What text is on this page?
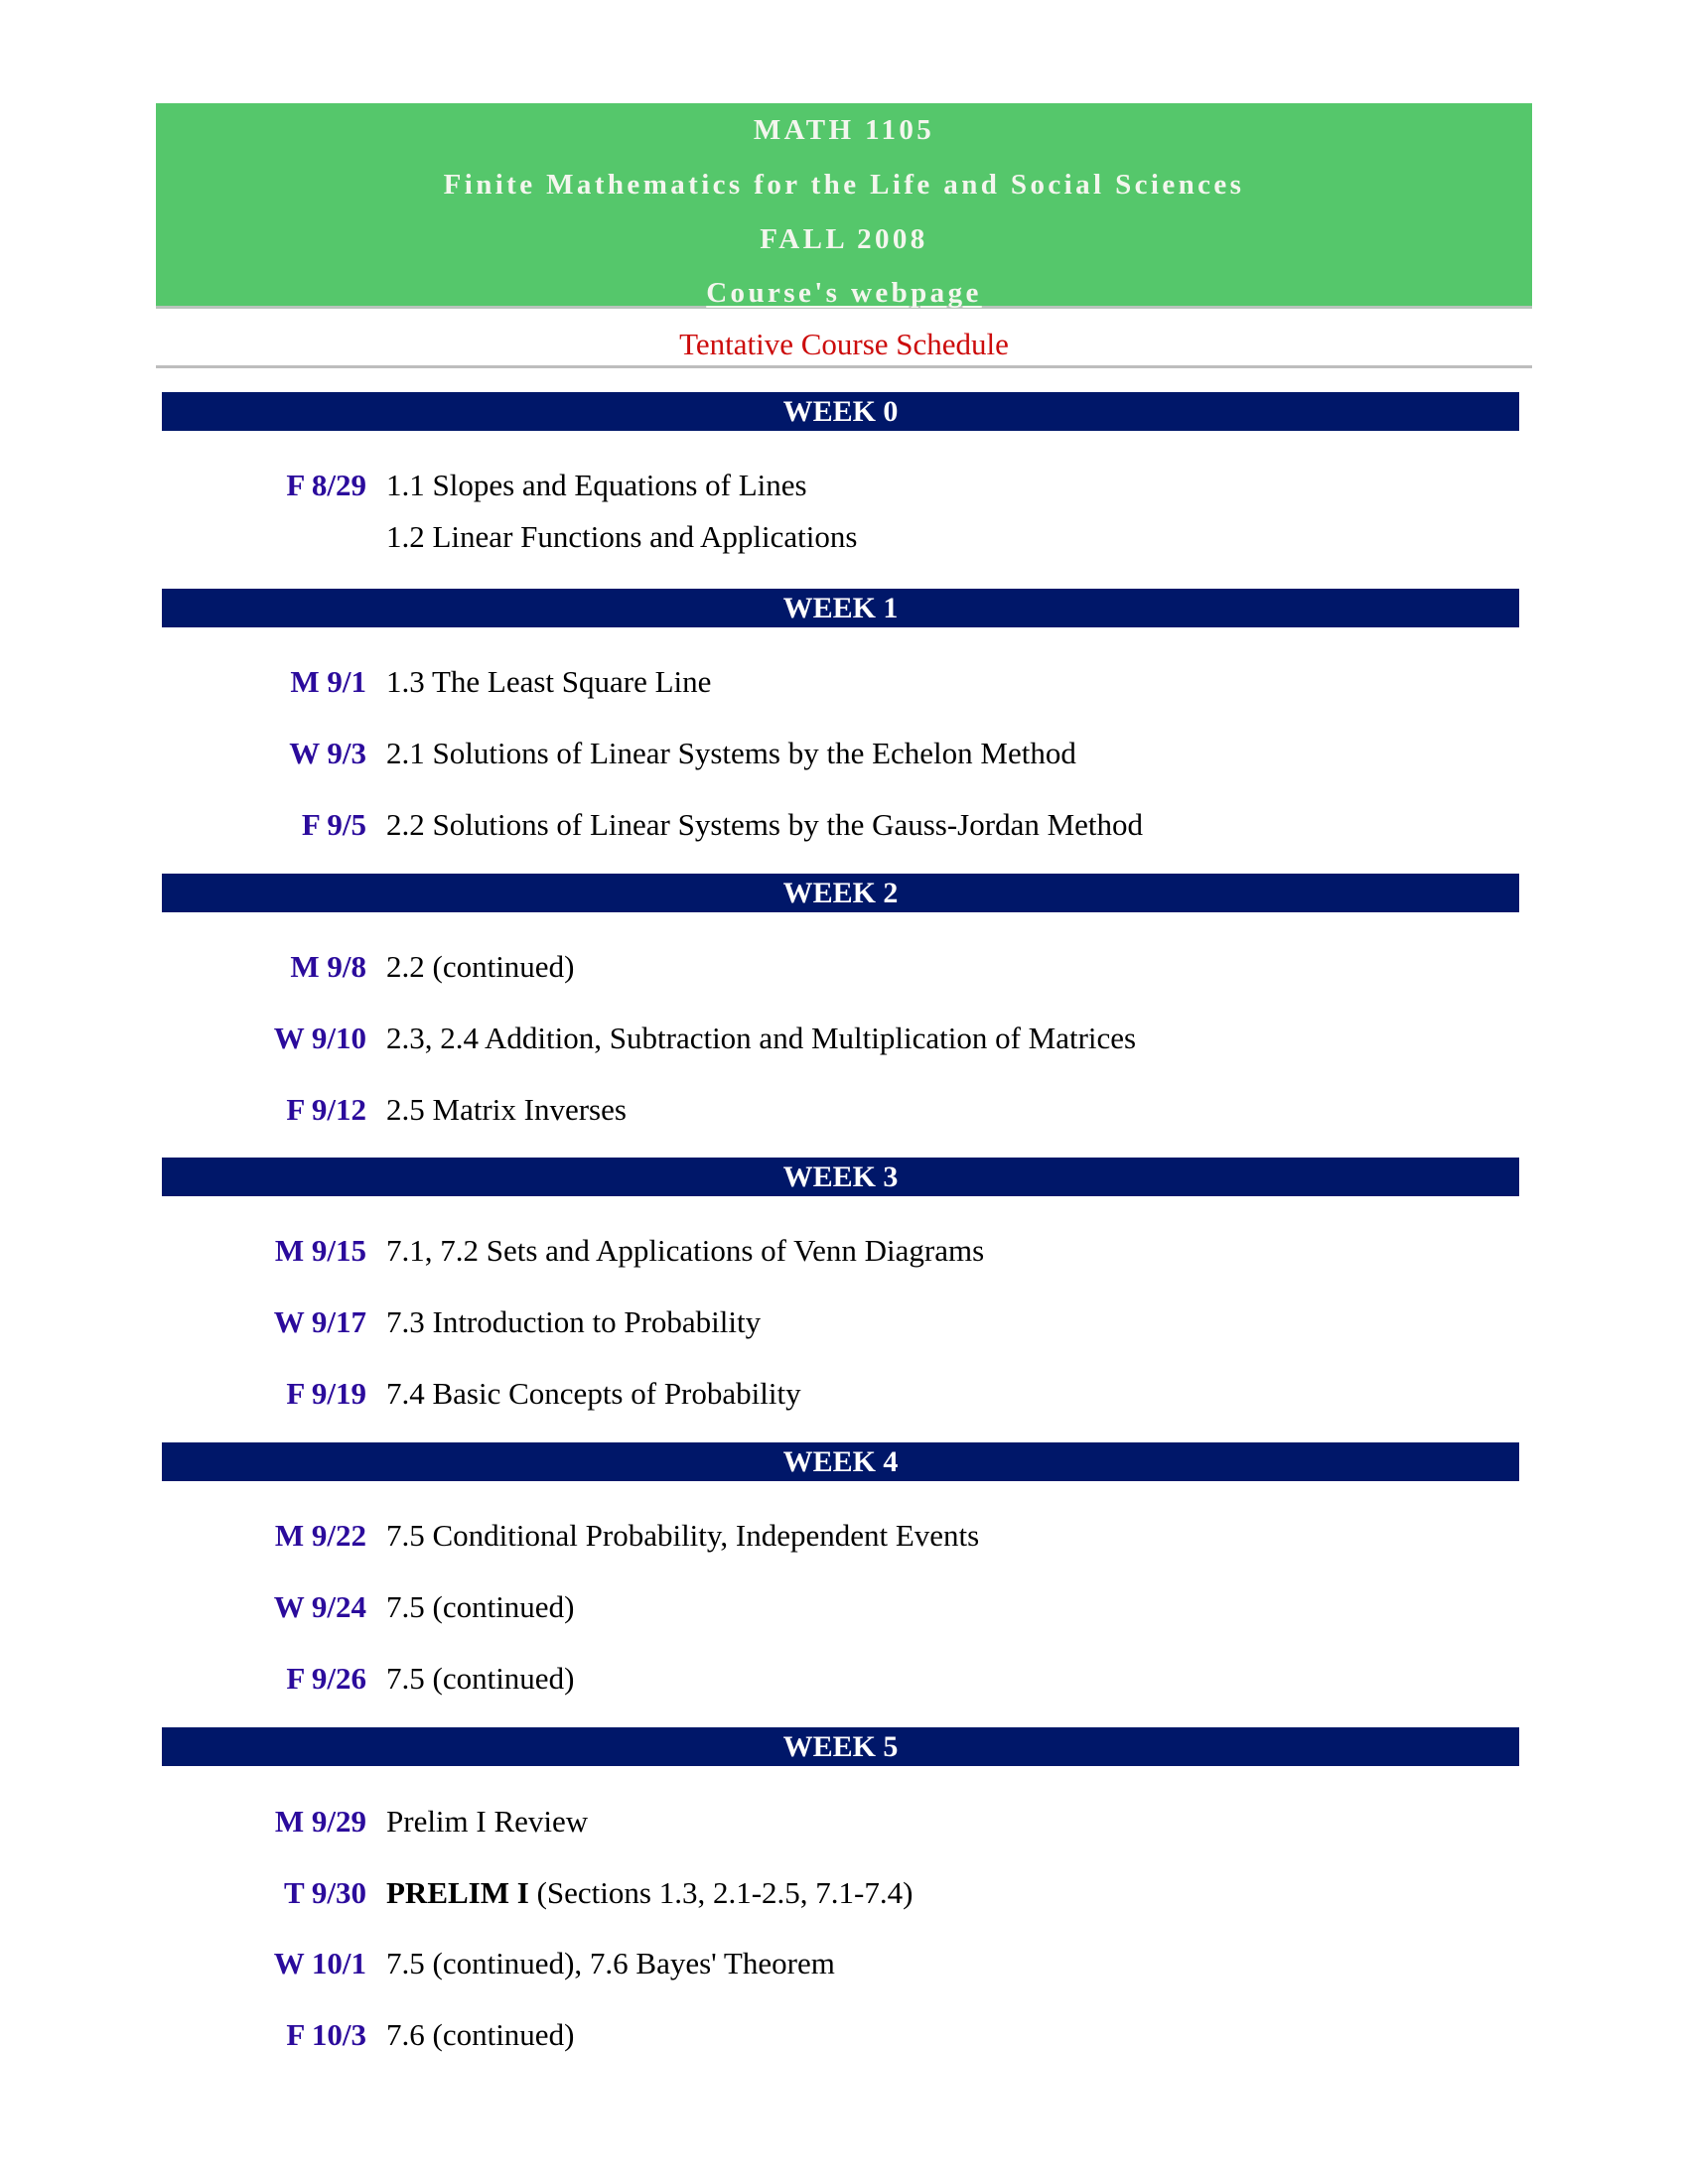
MATH 1105
Finite Mathematics for the Life and Social Sciences
FALL 2008
Course's webpage
Tentative Course Schedule
WEEK 0
F 8/29 1.1 Slopes and Equations of Lines
1.2 Linear Functions and Applications
WEEK 1
M 9/1 1.3 The Least Square Line
W 9/3 2.1 Solutions of Linear Systems by the Echelon Method
F 9/5 2.2 Solutions of Linear Systems by the Gauss-Jordan Method
WEEK 2
M 9/8 2.2 (continued)
W 9/10 2.3, 2.4 Addition, Subtraction and Multiplication of Matrices
F 9/12 2.5 Matrix Inverses
WEEK 3
M 9/15 7.1, 7.2 Sets and Applications of Venn Diagrams
W 9/17 7.3 Introduction to Probability
F 9/19 7.4 Basic Concepts of Probability
WEEK 4
M 9/22 7.5 Conditional Probability, Independent Events
W 9/24 7.5 (continued)
F 9/26 7.5 (continued)
WEEK 5
M 9/29 Prelim I Review
T 9/30 PRELIM I (Sections 1.3, 2.1-2.5, 7.1-7.4)
W 10/1 7.5 (continued), 7.6 Bayes' Theorem
F 10/3 7.6 (continued)
